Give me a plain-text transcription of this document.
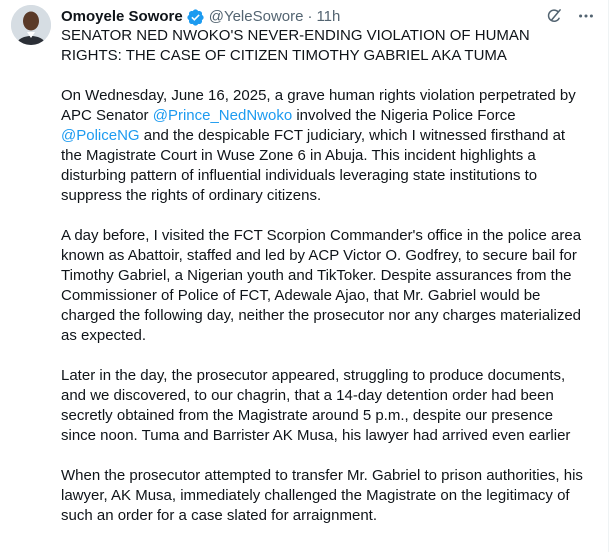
Omoyele Sowore @YeleSowore · 11h

SENATOR NED NWOKO'S NEVER-ENDING VIOLATION OF HUMAN RIGHTS: THE CASE OF CITIZEN TIMOTHY GABRIEL AKA TUMA

On Wednesday, June 16, 2025, a grave human rights violation perpetrated by APC Senator @Prince_NedNwoko involved the Nigeria Police Force @PoliceNG and the despicable FCT judiciary, which I witnessed firsthand at the Magistrate Court in Wuse Zone 6 in Abuja. This incident highlights a disturbing pattern of influential individuals leveraging state institutions to suppress the rights of ordinary citizens.

A day before, I visited the FCT Scorpion Commander's office in the police area known as Abattoir, staffed and led by ACP Victor O. Godfrey, to secure bail for Timothy Gabriel, a Nigerian youth and TikToker. Despite assurances from the Commissioner of Police of FCT, Adewale Ajao, that Mr. Gabriel would be charged the following day, neither the prosecutor nor any charges materialized as expected.

Later in the day, the prosecutor appeared, struggling to produce documents, and we discovered, to our chagrin, that a 14-day detention order had been secretly obtained from the Magistrate around 5 p.m., despite our presence since noon. Tuma and Barrister AK Musa, his lawyer had arrived even earlier

When the prosecutor attempted to transfer Mr. Gabriel to prison authorities, his lawyer, AK Musa, immediately challenged the Magistrate on the legitimacy of such an order for a case slated for arraignment.
